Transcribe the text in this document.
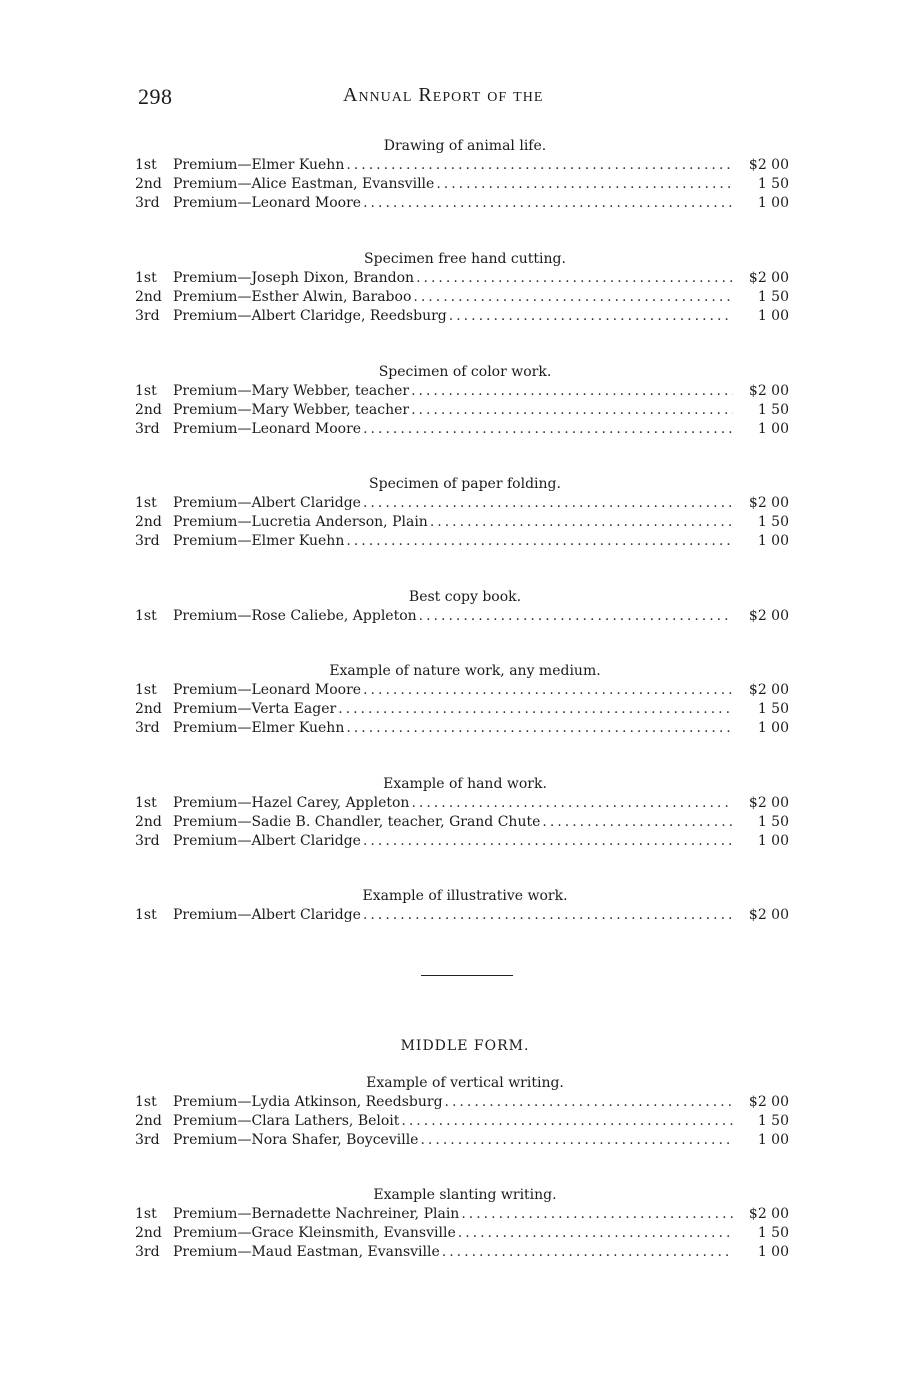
298	Annual Report of the
Drawing of animal life.
1st	Premium—Elmer Kuehn .....	$2 00
2nd Premium—Alice Eastman, Evansville .....	1 50
3rd Premium—Leonard Moore .....	1 00
Specimen free hand cutting.
1st	Premium—Joseph Dixon, Brandon .....	$2 00
2nd Premium—Esther Alwin, Baraboo .....	1 50
3rd Premium—Albert Claridge, Reedsburg .....	1 00
Specimen of color work.
1st	Premium—Mary Webber, teacher .....	$2 00
2nd Premium—Mary Webber, teacher .....	1 50
3rd Premium—Leonard Moore .....	1 00
Specimen of paper folding.
1st	Premium—Albert Claridge .....	$2 00
2nd Premium—Lucretia Anderson, Plain .....	1 50
3rd Premium—Elmer Kuehn .....	1 00
Best copy book.
1st	Premium—Rose Caliebe, Appleton .....	$2 00
Example of nature work, any medium.
1st	Premium—Leonard Moore .....	$2 00
2nd Premium—Verta Eager .....	1 50
3rd Premium—Elmer Kuehn .....	1 00
Example of hand work.
1st	Premium—Hazel Carey, Appleton .....	$2 00
2nd Premium—Sadie B. Chandler, teacher, Grand Chute .....	1 50
3rd Premium—Albert Claridge .....	1 00
Example of illustrative work.
1st	Premium—Albert Claridge .....	$2 00
Example of vertical writing.
1st	Premium—Lydia Atkinson, Reedsburg .....	$2 00
2nd Premium—Clara Lathers, Beloit .....	1 50
3rd Premium—Nora Shafer, Boyceville .....	1 00
Example slanting writing.
1st	Premium—Bernadette Nachreiner, Plain .....	$2 00
2nd Premium—Grace Kleinsmith, Evansville .....	1 50
3rd Premium—Maud Eastman, Evansville .....	1 00
MIDDLE FORM.
